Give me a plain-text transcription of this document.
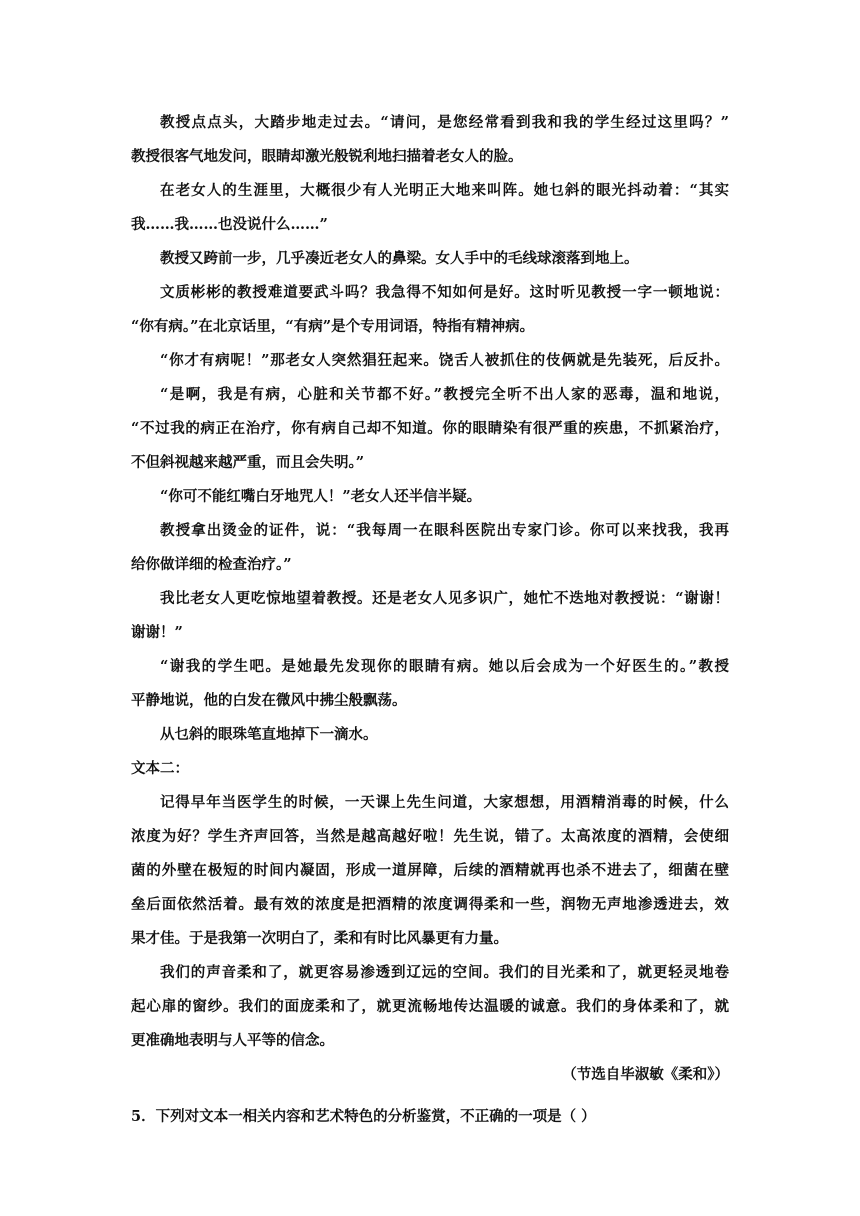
教授点点头，大踏步地走过去。“请问，是您经常看到我和我的学生经过这里吗？”
教授很客气地发问，眼睛却激光般锐利地扫描着老女人的脸。
在老女人的生涯里，大概很少有人光明正大地来叫阵。她乜斜的眼光抖动着：“其实
我……我……也没说什么……”
教授又跨前一步，几乎凑近老女人的鼻梁。女人手中的毛线球滚落到地上。
文质彬彬的教授难道要武斗吗？我急得不知如何是好。这时听见教授一字一顿地说：
“你有病。”在北京话里，“有病”是个专用词语，特指有精神病。
“你才有病呢！”那老女人突然猖狂起来。饶舌人被抓住的伎俩就是先装死，后反扑。
“是啊，我是有病，心脏和关节都不好。”教授完全听不出人家的恶毒，温和地说，
“不过我的病正在治疗，你有病自己却不知道。你的眼睛染有很严重的疾患，不抓紧治疗，
不但斜视越来越严重，而且会失明。”
“你可不能红嘴白牙地咒人！”老女人还半信半疑。
教授拿出烫金的证件，说：“我每周一在眼科医院出专家门诊。你可以来找我，我再
给你做详细的检查治疗。”
我比老女人更吃惊地望着教授。还是老女人见多识广，她忙不迭地对教授说：“谢谢！
谢谢！”
“谢我的学生吧。是她最先发现你的眼睛有病。她以后会成为一个好医生的。”教授
平静地说，他的白发在微风中拂尘般飘荡。
从乜斜的眼珠笔直地掉下一滴水。
文本二：
记得早年当医学生的时候，一天课上先生问道，大家想想，用酒精消毒的时候，什么
浓度为好？学生齐声回答，当然是越高越好啦！先生说，错了。太高浓度的酒精，会使细
菌的外壁在极短的时间内凝固，形成一道屏障，后续的酒精就再也杀不进去了，细菌在壁
垒后面依然活着。最有效的浓度是把酒精的浓度调得柔和一些，润物无声地渗透进去，效
果才佳。于是我第一次明白了，柔和有时比风暴更有力量。
我们的声音柔和了，就更容易渗透到辽远的空间。我们的目光柔和了，就更轻灵地卷
起心扉的窗纱。我们的面庞柔和了，就更流畅地传达温暖的诚意。我们的身体柔和了，就
更准确地表明与人平等的信念。
（节选自毕淑敏《柔和》）
5．下列对文本一相关内容和艺术特色的分析鉴赏，不正确的一项是（ ）
